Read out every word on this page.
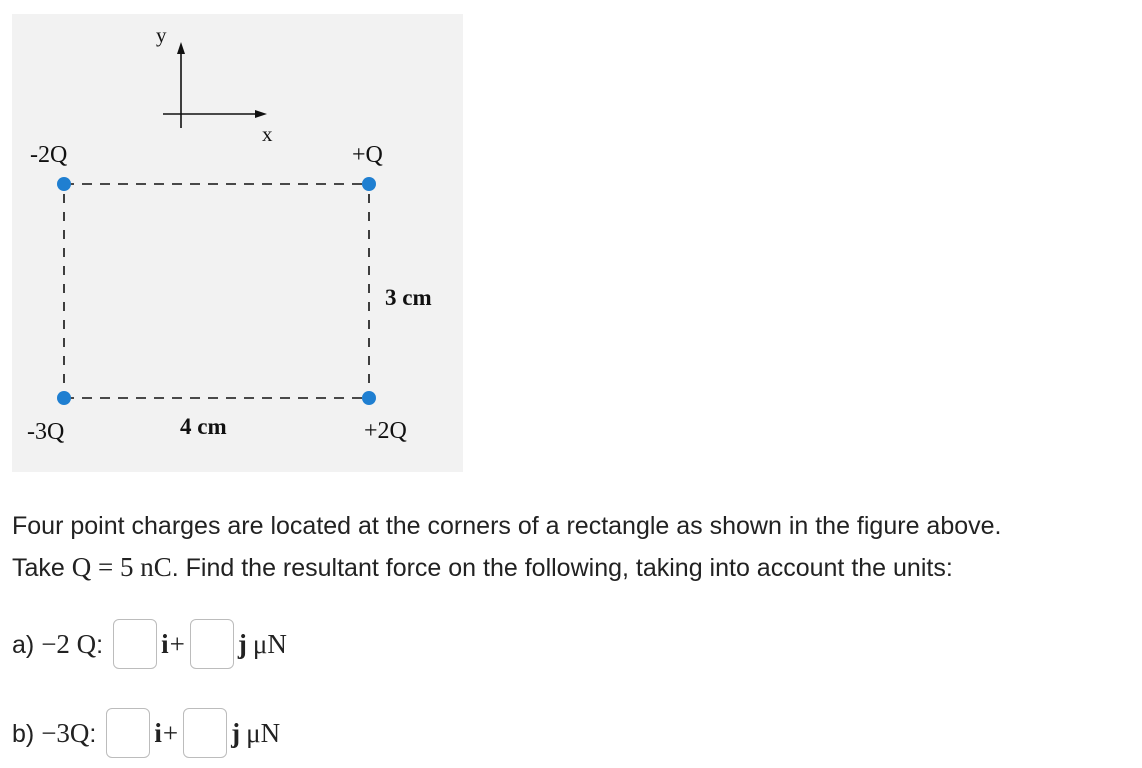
y
x
-2Q	+Q
-3Q	+2Q
4 cm
3 cm
Four point charges are located at the corners of a rectangle as shown in the figure above.
Take Q = 5 nC. Find the resultant force on the following, taking into account the units:
a) −2 Q: i + j μN
b) −3Q: i + j μN
